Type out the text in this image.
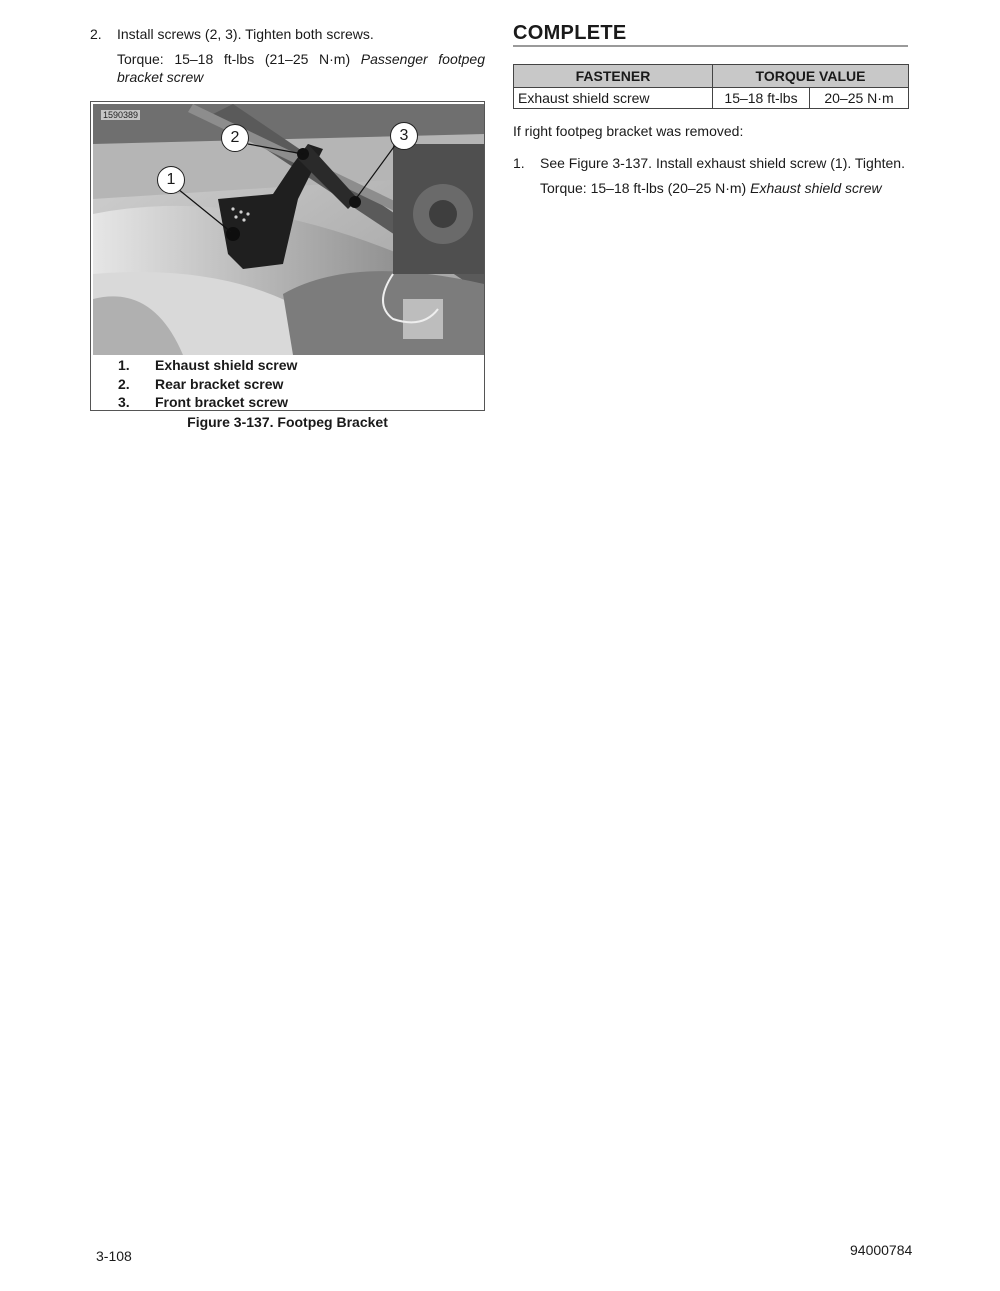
2. Install screws (2, 3). Tighten both screws.
Torque: 15–18 ft-lbs (21–25 N·m) Passenger footpeg bracket screw
1590389
2
1
3
1. Exhaust shield screw
2. Rear bracket screw
3. Front bracket screw
Figure 3-137. Footpeg Bracket
COMPLETE
FASTENER	TORQUE VALUE	
Exhaust shield screw	15–18 ft-lbs	20–25 N·m
If right footpeg bracket was removed:
1. See Figure 3-137. Install exhaust shield screw (1). Tighten.
Torque: 15–18 ft-lbs (20–25 N·m) Exhaust shield screw
3-108	94000784
